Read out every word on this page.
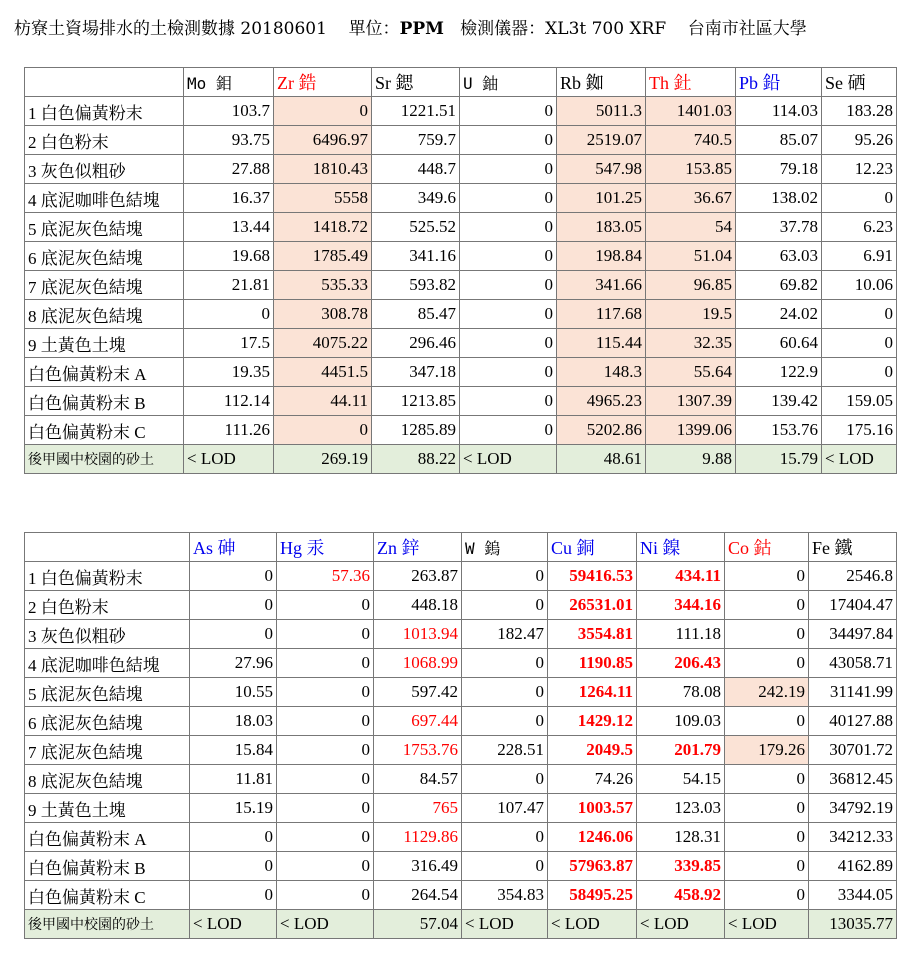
枋寮土資場排水的土檢測數據 20180601 單位：PPM 檢測儀器：XL3t 700 XRF 台南市社區大學
	Mo 鉬	Zr 鋯	Sr 鍶	U 鈾	Rb 銣	Th 釷	Pb 鉛	Se 硒
1 白色偏黃粉末	103.7	0	1221.51	0	5011.3	1401.03	114.03	183.28
2 白色粉末	93.75	6496.97	759.7	0	2519.07	740.5	85.07	95.26
3 灰色似粗砂	27.88	1810.43	448.7	0	547.98	153.85	79.18	12.23
4 底泥咖啡色結塊	16.37	5558	349.6	0	101.25	36.67	138.02	0
5 底泥灰色結塊	13.44	1418.72	525.52	0	183.05	54	37.78	6.23
6 底泥灰色結塊	19.68	1785.49	341.16	0	198.84	51.04	63.03	6.91
7 底泥灰色結塊	21.81	535.33	593.82	0	341.66	96.85	69.82	10.06
8 底泥灰色結塊	0	308.78	85.47	0	117.68	19.5	24.02	0
9 土黃色土塊	17.5	4075.22	296.46	0	115.44	32.35	60.64	0
白色偏黃粉末 A	19.35	4451.5	347.18	0	148.3	55.64	122.9	0
白色偏黃粉末 B	112.14	44.11	1213.85	0	4965.23	1307.39	139.42	159.05
白色偏黃粉末 C	111.26	0	1285.89	0	5202.86	1399.06	153.76	175.16
後甲國中校園的砂土	< LOD	269.19	88.22	< LOD	48.61	9.88	15.79	< LOD
	As 砷	Hg 汞	Zn 鋅	W 鎢	Cu 銅	Ni 鎳	Co 鈷	Fe 鐵
1 白色偏黃粉末	0	57.36	263.87	0	59416.53	434.11	0	2546.8
2 白色粉末	0	0	448.18	0	26531.01	344.16	0	17404.47
3 灰色似粗砂	0	0	1013.94	182.47	3554.81	111.18	0	34497.84
4 底泥咖啡色結塊	27.96	0	1068.99	0	1190.85	206.43	0	43058.71
5 底泥灰色結塊	10.55	0	597.42	0	1264.11	78.08	242.19	31141.99
6 底泥灰色結塊	18.03	0	697.44	0	1429.12	109.03	0	40127.88
7 底泥灰色結塊	15.84	0	1753.76	228.51	2049.5	201.79	179.26	30701.72
8 底泥灰色結塊	11.81	0	84.57	0	74.26	54.15	0	36812.45
9 土黃色土塊	15.19	0	765	107.47	1003.57	123.03	0	34792.19
白色偏黃粉末 A	0	0	1129.86	0	1246.06	128.31	0	34212.33
白色偏黃粉末 B	0	0	316.49	0	57963.87	339.85	0	4162.89
白色偏黃粉末 C	0	0	264.54	354.83	58495.25	458.92	0	3344.05
後甲國中校園的砂土	< LOD	< LOD	57.04	< LOD	< LOD	< LOD	< LOD	13035.77
